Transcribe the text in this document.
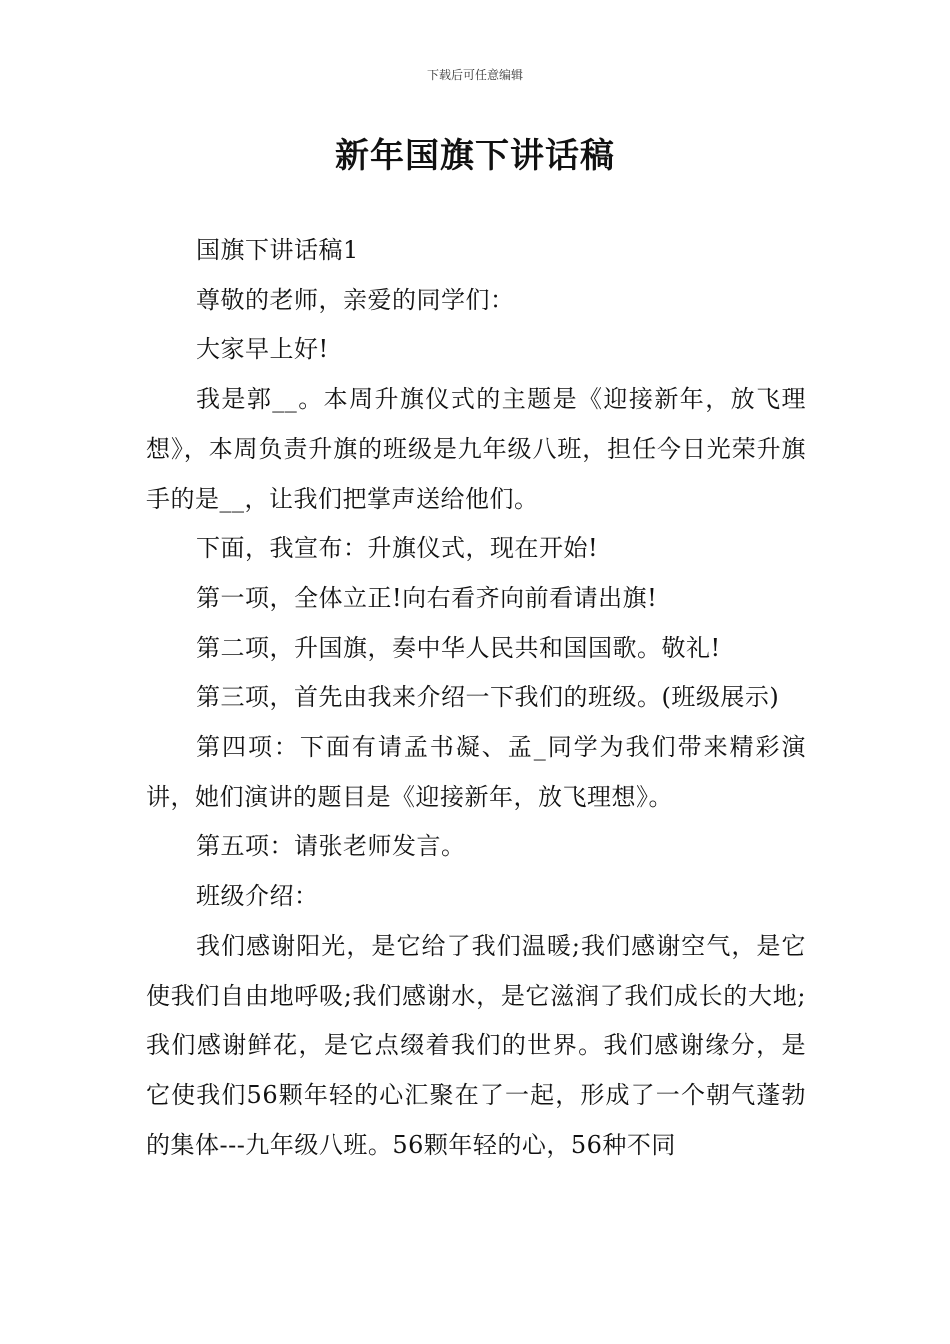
下载后可任意编辑
新年国旗下讲话稿

国旗下讲话稿1

尊敬的老师，亲爱的同学们：

大家早上好!

我是郭__。本周升旗仪式的主题是《迎接新年，放飞理想》，本周负责升旗的班级是九年级八班，担任今日光荣升旗手的是__，让我们把掌声送给他们。

下面，我宣布：升旗仪式，现在开始!

第一项，全体立正!向右看齐向前看请出旗!

第二项，升国旗，奏中华人民共和国国歌。敬礼!

第三项，首先由我来介绍一下我们的班级。(班级展示)

第四项：下面有请孟书凝、孟_同学为我们带来精彩演讲，她们演讲的题目是《迎接新年，放飞理想》。

第五项：请张老师发言。

班级介绍：

我们感谢阳光，是它给了我们温暖;我们感谢空气，是它使我们自由地呼吸;我们感谢水，是它滋润了我们成长的大地;我们感谢鲜花，是它点缀着我们的世界。我们感谢缘分，是它使我们56颗年轻的心汇聚在了一起，形成了一个朝气蓬勃的集体---九年级八班。56颗年轻的心，56种不同
